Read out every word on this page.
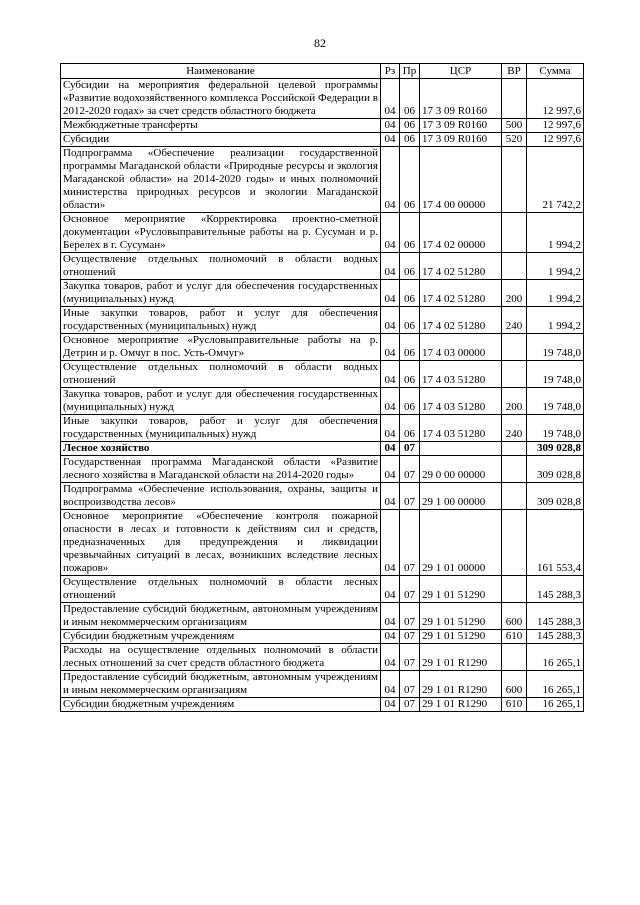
82
Наименование	Рз	Пр	ЦСР	ВР	Сумма
Субсидии на мероприятия федеральной целевой программы «Развитие водохозяйственного комплекса Российской Федерации в 2012-2020 годах» за счет средств областного бюджета	04	06	17 3 09 R0160		12 997,6
Межбюджетные трансферты	04	06	17 3 09 R0160	500	12 997,6
Субсидии	04	06	17 3 09 R0160	520	12 997,6
Подпрограмма «Обеспечение реализации государственной программы Магаданской области «Природные ресурсы и экология Магаданской области» на 2014-2020 годы» и иных полномочий министерства природных ресурсов и экологии Магаданской области»	04	06	17 4 00 00000		21 742,2
Основное мероприятие «Корректировка проектно-сметной документации «Русловыправительные работы на р. Сусуман и р. Берелех в г. Сусуман»	04	06	17 4 02 00000		1 994,2
Осуществление отдельных полномочий в области водных отношений	04	06	17 4 02 51280		1 994,2
Закупка товаров, работ и услуг для обеспечения государственных (муниципальных) нужд	04	06	17 4 02 51280	200	1 994,2
Иные закупки товаров, работ и услуг для обеспечения государственных (муниципальных) нужд	04	06	17 4 02 51280	240	1 994,2
Основное мероприятие «Русловыправительные работы на р. Детрин и р. Омчуг в пос. Усть-Омчуг»	04	06	17 4 03 00000		19 748,0
Осуществление отдельных полномочий в области водных отношений	04	06	17 4 03 51280		19 748,0
Закупка товаров, работ и услуг для обеспечения государственных (муниципальных) нужд	04	06	17 4 03 51280	200	19 748,0
Иные закупки товаров, работ и услуг для обеспечения государственных (муниципальных) нужд	04	06	17 4 03 51280	240	19 748,0
Лесное хозяйство	04	07			309 028,8
Государственная программа Магаданской области «Развитие лесного хозяйства в Магаданской области на 2014-2020 годы»	04	07	29 0 00 00000		309 028,8
Подпрограмма «Обеспечение использования, охраны, защиты и воспроизводства лесов»	04	07	29 1 00 00000		309 028,8
Основное мероприятие «Обеспечение контроля пожарной опасности в лесах и готовности к действиям сил и средств, предназначенных для предупреждения и ликвидации чрезвычайных ситуаций в лесах, возникших вследствие лесных пожаров»	04	07	29 1 01 00000		161 553,4
Осуществление отдельных полномочий в области лесных отношений	04	07	29 1 01 51290		145 288,3
Предоставление субсидий бюджетным, автономным учреждениям и иным некоммерческим организациям	04	07	29 1 01 51290	600	145 288,3
Субсидии бюджетным учреждениям	04	07	29 1 01 51290	610	145 288,3
Расходы на осуществление отдельных полномочий в области лесных отношений за счет средств областного бюджета	04	07	29 1 01 R1290		16 265,1
Предоставление субсидий бюджетным, автономным учреждениям и иным некоммерческим организациям	04	07	29 1 01 R1290	600	16 265,1
Субсидии бюджетным учреждениям	04	07	29 1 01 R1290	610	16 265,1
